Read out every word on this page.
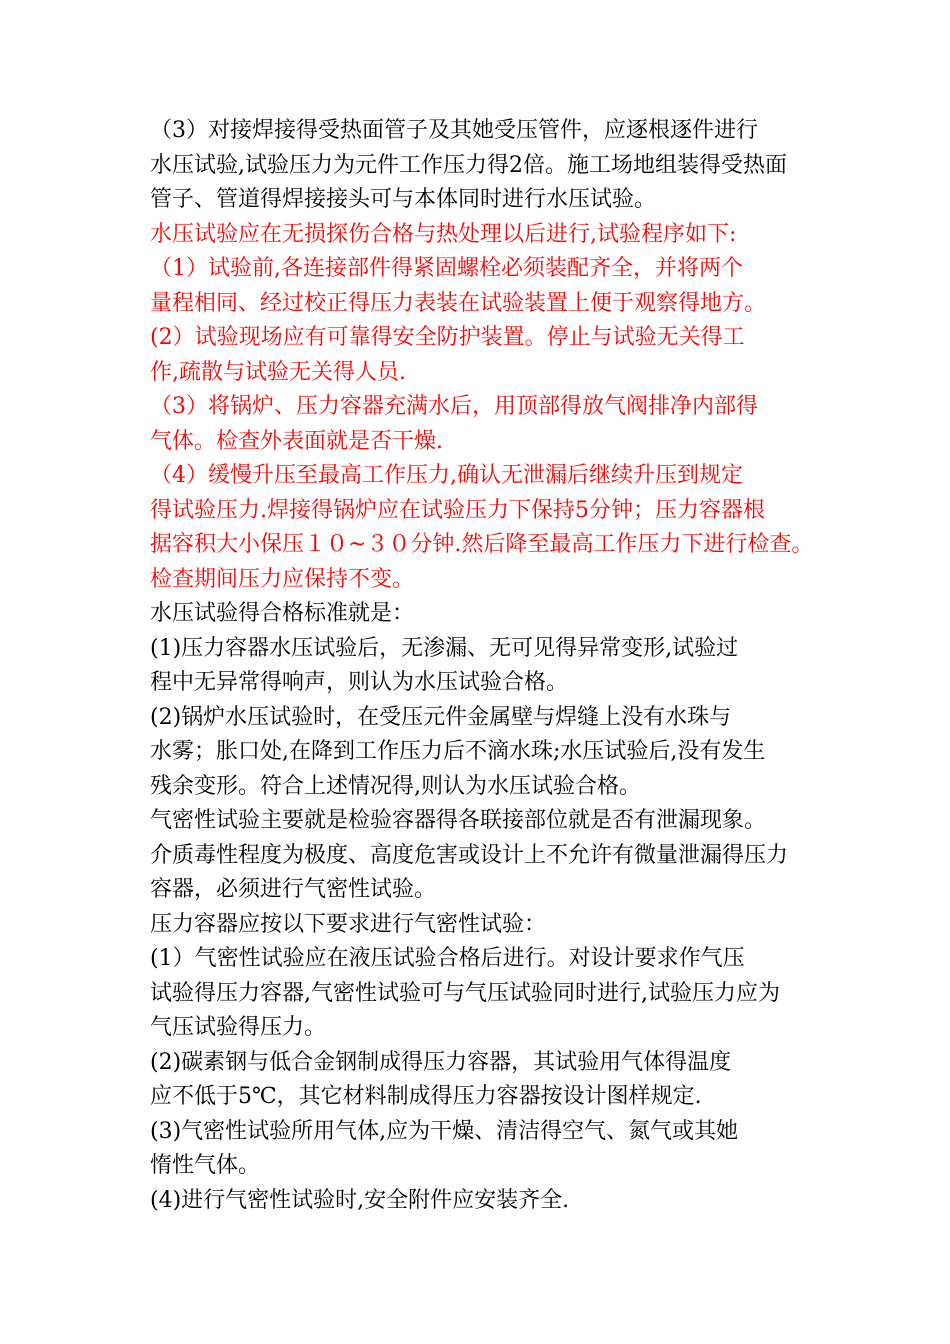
（3）对接焊接得受热面管子及其她受压管件，应逐根逐件进行
水压试验,试验压力为元件工作压力得2倍。施工场地组装得受热面
管子、管道得焊接接头可与本体同时进行水压试验。

水压试验应在无损探伤合格与热处理以后进行,试验程序如下:

（1）试验前,各连接部件得紧固螺栓必须装配齐全，并将两个
量程相同、经过校正得压力表装在试验装置上便于观察得地方。

(2）试验现场应有可靠得安全防护装置。停止与试验无关得工
作,疏散与试验无关得人员.

（3）将锅炉、压力容器充满水后，用顶部得放气阀排净内部得
气体。检查外表面就是否干燥.

（4）缓慢升压至最高工作压力,确认无泄漏后继续升压到规定
得试验压力.焊接得锅炉应在试验压力下保持5分钟；压力容器根
据容积大小保压１０~３０分钟.然后降至最高工作压力下进行检查。
检查期间压力应保持不变。

水压试验得合格标准就是：

(1)压力容器水压试验后，无渗漏、无可见得异常变形,试验过
程中无异常得响声，则认为水压试验合格。

(2)锅炉水压试验时，在受压元件金属壁与焊缝上没有水珠与
水雾；胀口处,在降到工作压力后不滴水珠;水压试验后,没有发生
残余变形。符合上述情况得,则认为水压试验合格。

气密性试验主要就是检验容器得各联接部位就是否有泄漏现象。
介质毒性程度为极度、高度危害或设计上不允许有微量泄漏得压力
容器，必须进行气密性试验。

压力容器应按以下要求进行气密性试验：

(1）气密性试验应在液压试验合格后进行。对设计要求作气压
试验得压力容器,气密性试验可与气压试验同时进行,试验压力应为
气压试验得压力。

(2)碳素钢与低合金钢制成得压力容器，其试验用气体得温度
应不低于5℃，其它材料制成得压力容器按设计图样规定.

(3)气密性试验所用气体,应为干燥、清洁得空气、氮气或其她
惰性气体。

(4)进行气密性试验时,安全附件应安装齐全.
